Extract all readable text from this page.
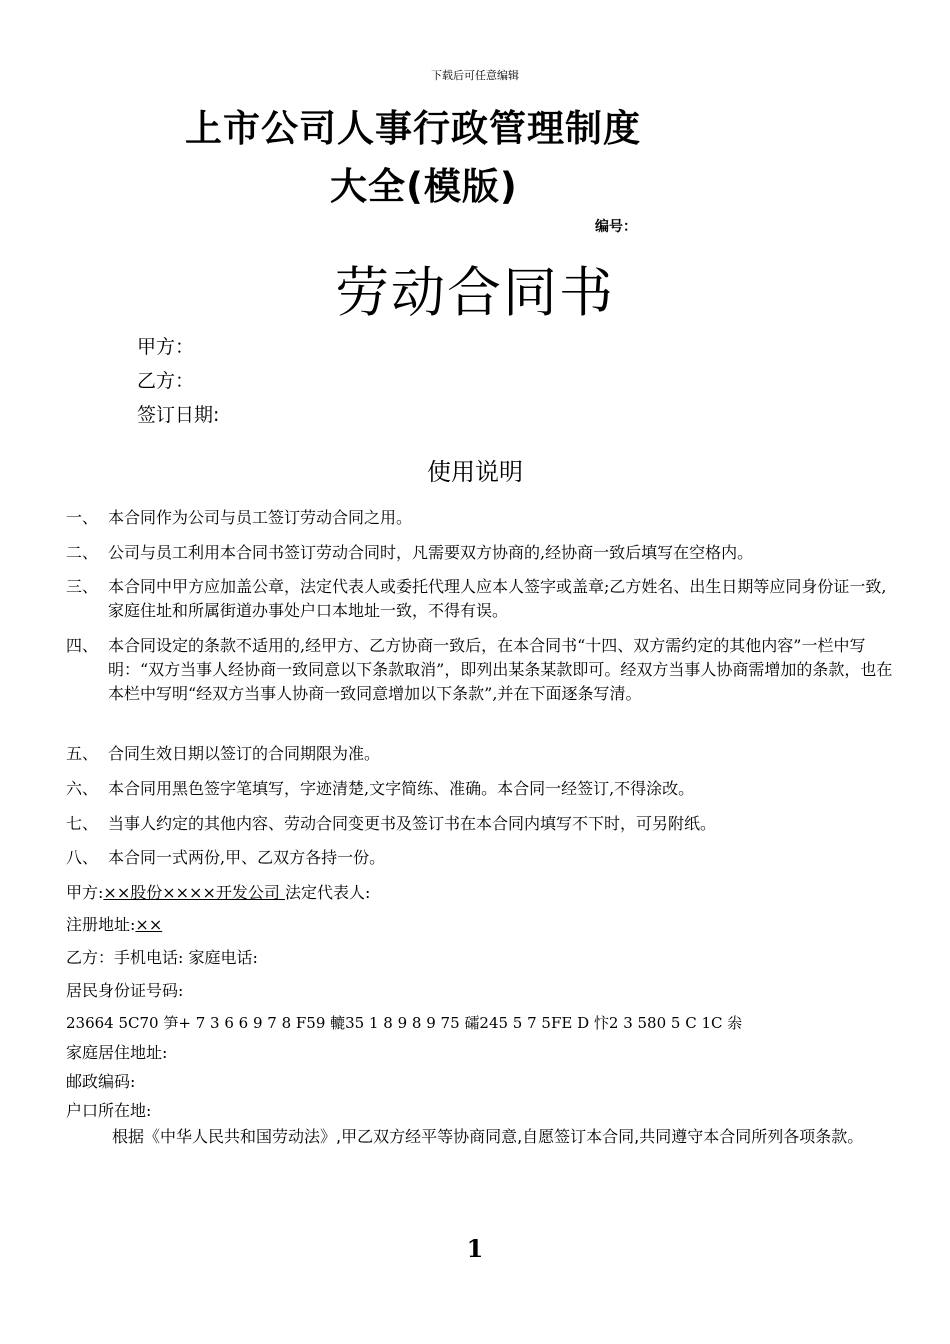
下载后可任意编辑
上市公司人事行政管理制度
大全(模版)
编号：
劳动合同书
甲方：
乙方：
签订日期:
使用说明
一、 本合同作为公司与员工签订劳动合同之用。
二、 公司与员工利用本合同书签订劳动合同时，凡需要双方协商的,经协商一致后填写在空格内。
三、 本合同中甲方应加盖公章，法定代表人或委托代理人应本人签字或盖章;乙方姓名、出生日期等应同身份证一致,家庭住址和所属街道办事处户口本地址一致，不得有误。
四、 本合同设定的条款不适用的,经甲方、乙方协商一致后，在本合同书“十四、双方需约定的其他内容”一栏中写明：“双方当事人经协商一致同意以下条款取消”，即列出某条某款即可。经双方当事人协商需增加的条款，也在本栏中写明“经双方当事人协商一致同意增加以下条款”,并在下面逐条写清。
五、 合同生效日期以签订的合同期限为准。
六、 本合同用黑色签字笔填写，字迹清楚,文字简练、准确。本合同一经签订,不得涂改。
七、 当事人约定的其他内容、劳动合同变更书及签订书在本合同内填写不下时，可另附纸。
八、 本合同一式两份,甲、乙双方各持一份。
甲方:××股份××××开发公司 法定代表人:
注册地址:××
乙方：手机电话: 家庭电话:
居民身份证号码:
23664 5C70 笋+ 7 3 6 6 9 7 8 F59 轆35 1 8 9 8 9 75 礵245 5 7 5FE D 忭2 3 580 5 C 1C 尜
家庭居住地址:
邮政编码:
户口所在地:
根据《中华人民共和国劳动法》,甲乙双方经平等协商同意,自愿签订本合同,共同遵守本合同所列各项条款。
1
